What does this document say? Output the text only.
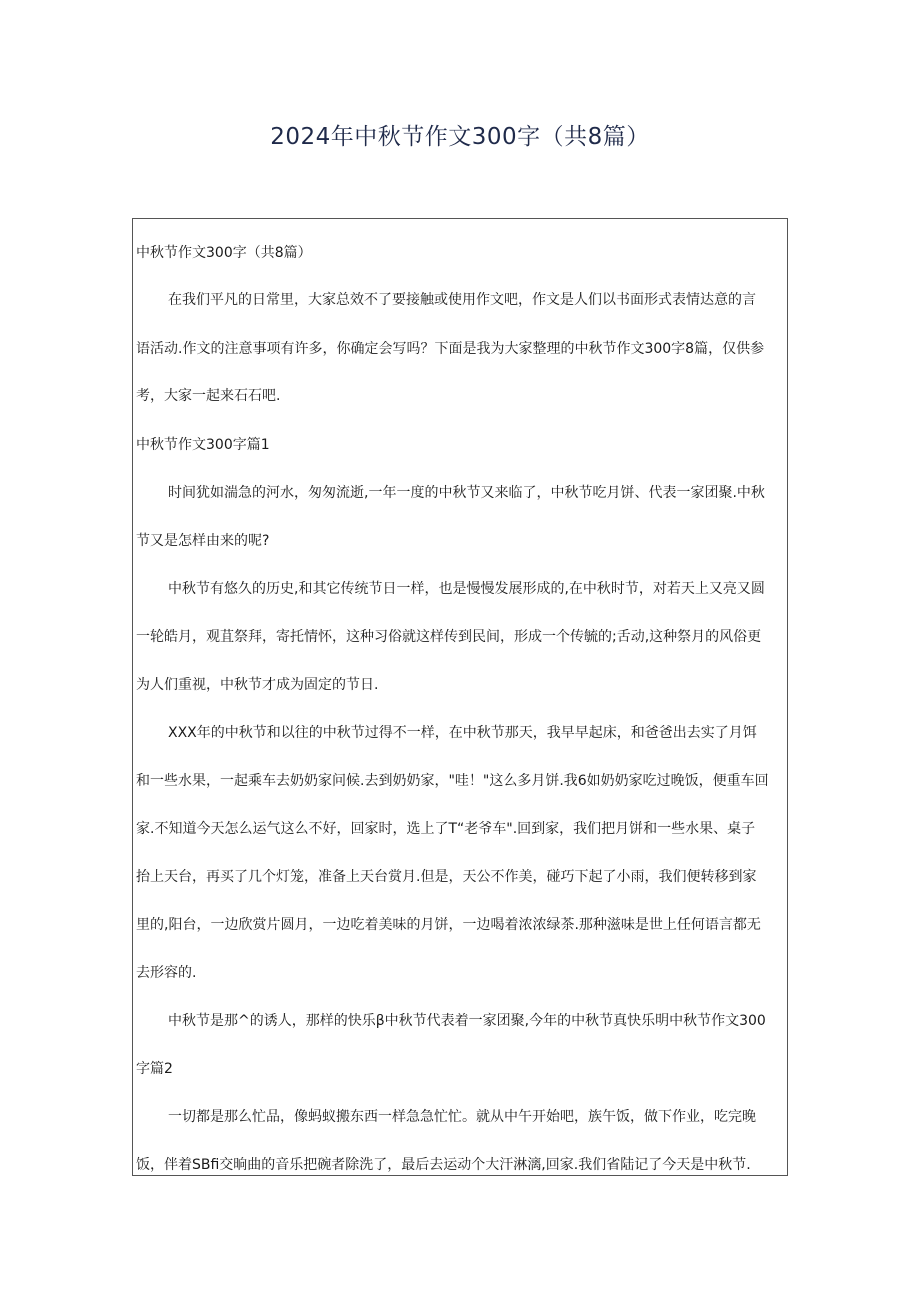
2024年中秋节作文300字（共8篇）
中秋节作文300字（共8篇）
在我们平凡的日常里，大家总效不了要接触或使用作文吧，作文是人们以书面形式表情达意的言
语活动.作文的注意事项有许多，你确定会写吗？下面是我为大家整理的中秋节作文300字8篇，仅供参
考，大家一起来石石吧.
中秋节作文300字篇1
时间犹如湍急的河水，匆匆流逝,一年一度的中秋节又来临了，中秋节吃月饼、代表一家团聚.中秋
节又是怎样由来的呢?
中秋节有悠久的历史,和其它传统节日一样，也是慢慢发展形成的,在中秋时节，对若天上又亮又圆
一轮皓月，观苴祭拜，寄托情怀，这种习俗就这样传到民间，形成一个传毓的;舌动,这种祭月的风俗更
为人们重视，中秋节才成为固定的节日.
XXX年的中秋节和以往的中秋节过得不一样，在中秋节那天，我早早起床，和爸爸出去实了月饵
和一些水果，一起乘车去奶奶家问候.去到奶奶家，"哇！"这么多月饼.我6如奶奶家吃过晚饭，便重车回
家.不知道今天怎么运气这么不好，回家时，选上了T“老爷车".回到家，我们把月饼和一些水果、桌子
抬上天台，再买了几个灯笼，准备上天台赏月.但是，天公不作美，碰巧下起了小雨，我们便转移到家
里的,阳台，一边欣赏片圆月，一边吃着美味的月饼，一边喝着浓浓绿茶.那种滋味是世上任何语言都无
去形容的.
中秋节是那^的诱人，那样的快乐β中秋节代表着一家团聚,今年的中秋节真快乐明中秋节作文300
字篇2
一切都是那么忙品，像蚂蚁搬东西一样急急忙忙。就从中午开始吧，族午饭，做下作业，吃完晚
饭，伴着SBfi交晌曲的音乐把碗者除洗了，最后去运动个大汗淋漓,回家.我们省陆记了今天是中秋节.
